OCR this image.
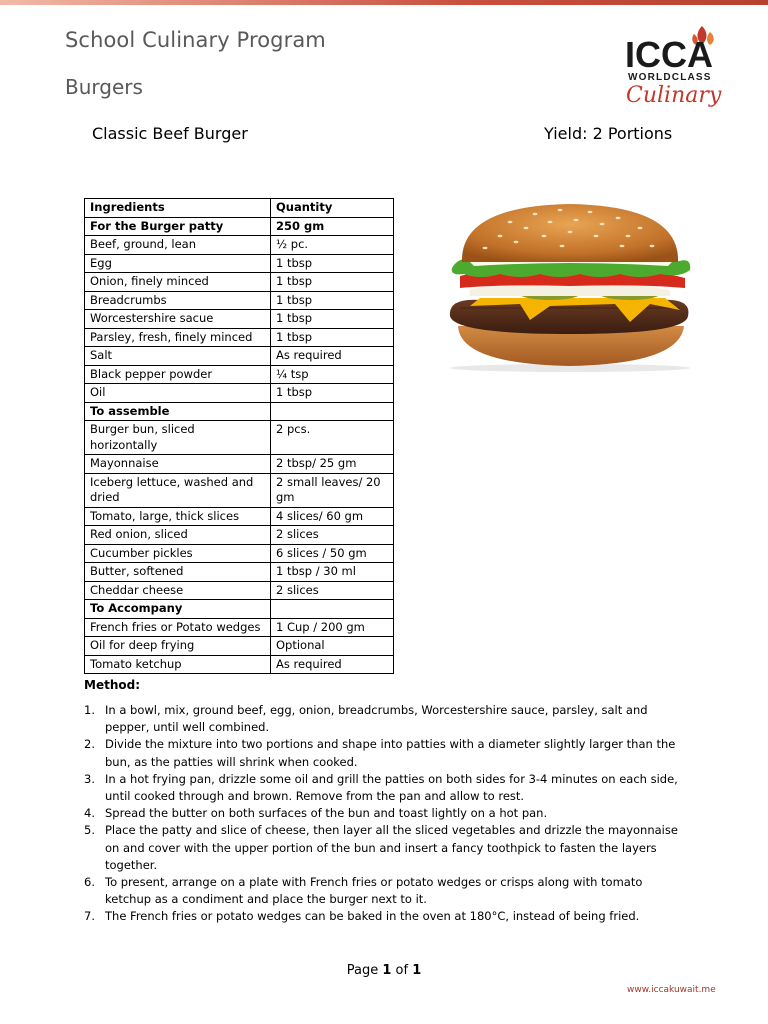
School Culinary Program
Burgers
ICCA
WORLDCLASS
Culinary
Classic Beef Burger	Yield: 2 Portions
Ingredients	Quantity
For the Burger patty	250 gm
Beef, ground, lean	½ pc.
Egg	1 tbsp
Onion, finely minced	1 tbsp
Breadcrumbs	1 tbsp
Worcestershire sacue	1 tbsp
Parsley, fresh, finely minced	1 tbsp
Salt	As required
Black pepper powder	¼ tsp
Oil	1 tbsp
To assemble	
Burger bun, sliced horizontally	2 pcs.
Mayonnaise	2 tbsp/ 25 gm
Iceberg lettuce, washed and dried	2 small leaves/ 20 gm
Tomato, large, thick slices	4 slices/ 60 gm
Red onion, sliced	2 slices
Cucumber pickles	6 slices / 50 gm
Butter, softened	1 tbsp / 30 ml
Cheddar cheese	2 slices
To Accompany	
French fries or Potato wedges	1 Cup / 200 gm
Oil for deep frying	Optional
Tomato ketchup	As required
Method:
1. In a bowl, mix, ground beef, egg, onion, breadcrumbs, Worcestershire sauce, parsley, salt and pepper, until well combined.
2. Divide the mixture into two portions and shape into patties with a diameter slightly larger than the bun, as the patties will shrink when cooked.
3. In a hot frying pan, drizzle some oil and grill the patties on both sides for 3-4 minutes on each side, until cooked through and brown. Remove from the pan and allow to rest.
4. Spread the butter on both surfaces of the bun and toast lightly on a hot pan.
5. Place the patty and slice of cheese, then layer all the sliced vegetables and drizzle the mayonnaise on and cover with the upper portion of the bun and insert a fancy toothpick to fasten the layers together.
6. To present, arrange on a plate with French fries or potato wedges or crisps along with tomato ketchup as a condiment and place the burger next to it.
7. The French fries or potato wedges can be baked in the oven at 180°C, instead of being fried.
Page 1 of 1
www.iccakuwait.me
